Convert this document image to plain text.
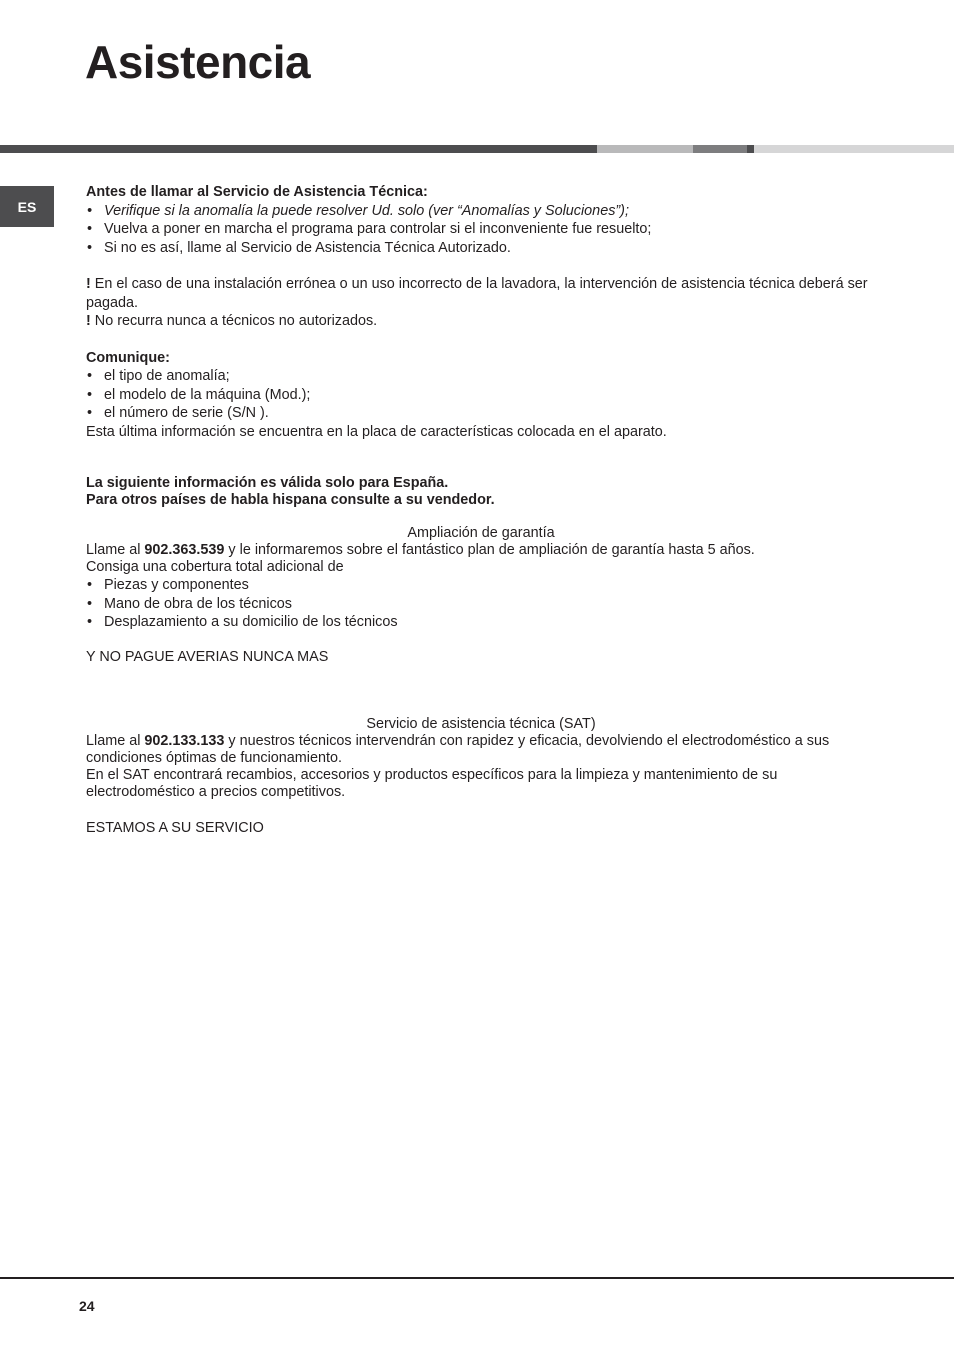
Asistencia
ES

Antes de llamar al Servicio de Asistencia Técnica:

• Verifique si la anomalía la puede resolver Ud. solo (ver “Anomalías y Soluciones”);
• Vuelva a poner en marcha el programa para controlar si el inconveniente fue resuelto;
• Si no es así, llame al Servicio de Asistencia Técnica Autorizado.

! En el caso de una instalación errónea o un uso incorrecto de la lavadora, la intervención de asistencia técnica deberá ser pagada.

! No recurra nunca a técnicos no autorizados.

Comunique:

• el tipo de anomalía;
• el modelo de la máquina (Mod.);
• el número de serie (S/N ).

Esta última información se encuentra en la placa de características colocada en el aparato.

La siguiente información es válida solo para España.

Para otros países de habla hispana consulte a su vendedor.

Ampliación de garantía

Llame al 902.363.539 y le informaremos sobre el fantástico plan de ampliación de garantía hasta 5 años.

Consiga una cobertura total adicional de

• Piezas y componentes
• Mano de obra de los técnicos
• Desplazamiento a su domicilio de los técnicos

Y NO PAGUE AVERIAS NUNCA MAS

Servicio de asistencia técnica (SAT)

Llame al 902.133.133 y nuestros técnicos intervendrán con rapidez y eficacia, devolviendo el electrodoméstico a sus condiciones óptimas de funcionamiento.

En el SAT encontrará recambios, accesorios y productos específicos para la limpieza y mantenimiento de su electrodoméstico a precios competitivos.

ESTAMOS A SU SERVICIO

24
